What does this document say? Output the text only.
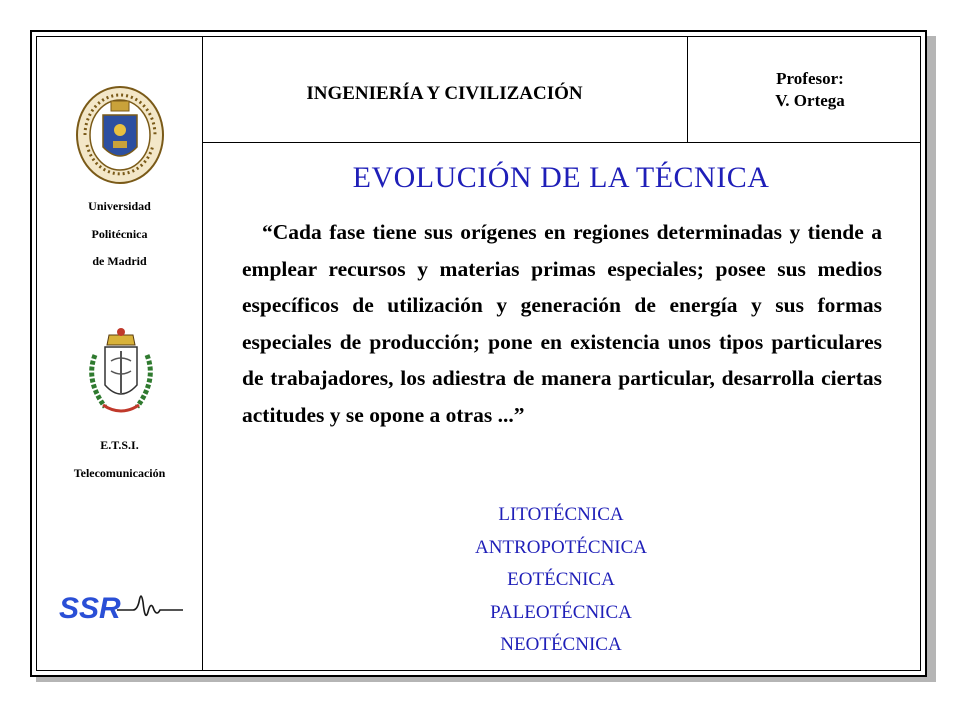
Universidad
Politécnica
de Madrid
E.T.S.I.
Telecomunicación
SSR
INGENIERÍA Y CIVILIZACIÓN
Profesor:
V. Ortega
EVOLUCIÓN DE LA TÉCNICA
“Cada fase tiene sus orígenes en regiones determinadas y tiende a emplear recursos y materias primas especiales; posee sus medios específicos de utilización y generación de energía y sus formas especiales de producción; pone en existencia unos tipos particulares de trabajadores, los adiestra de manera particular, desarrolla ciertas actitudes y se opone a otras ...”
LITOTÉCNICA
ANTROPOTÉCNICA
EOTÉCNICA
PALEOTÉCNICA
NEOTÉCNICA
